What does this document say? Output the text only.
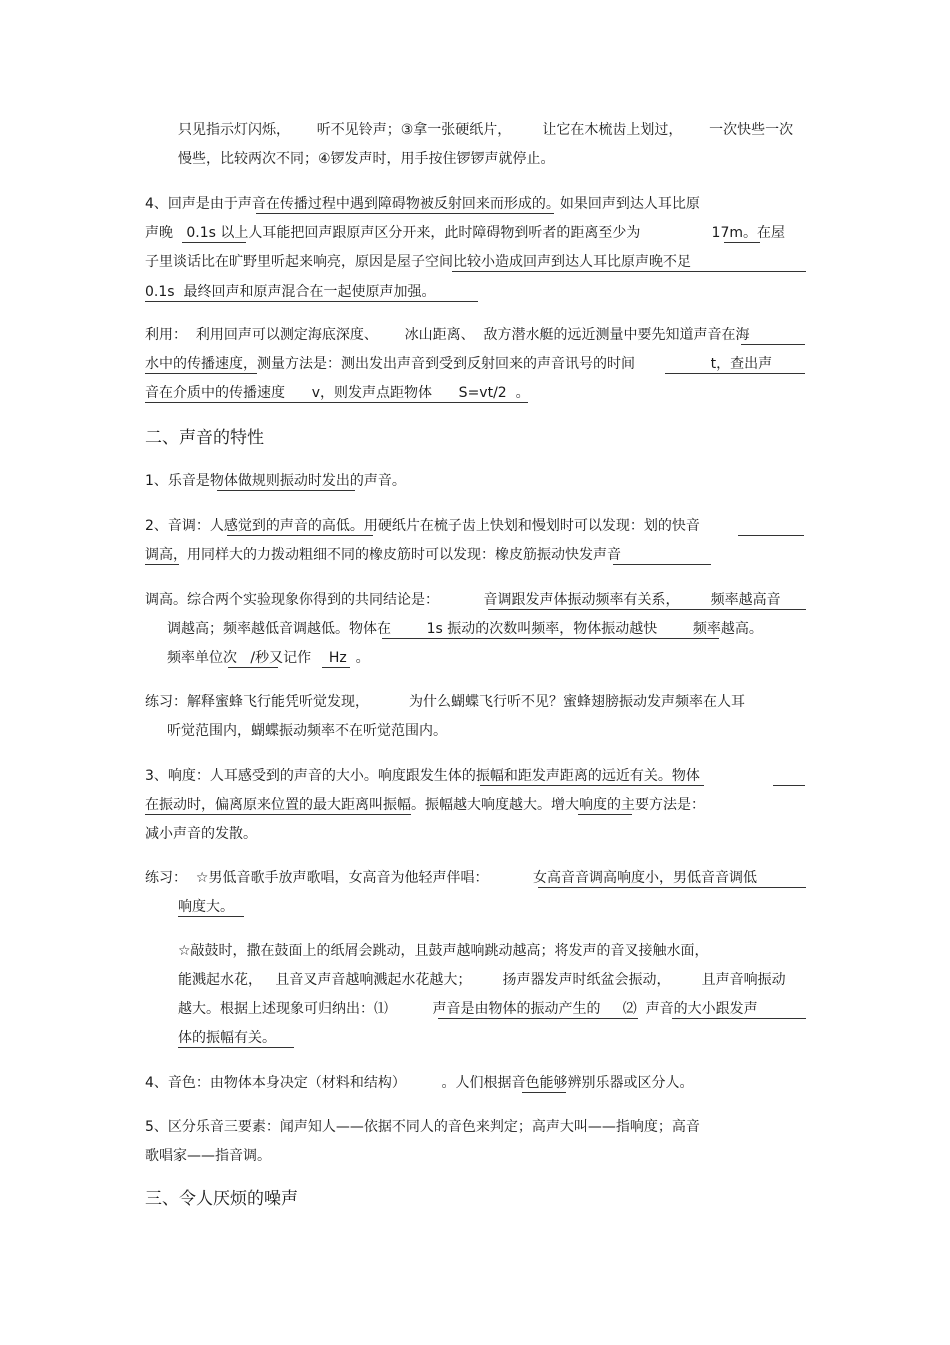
只见指示灯闪烁，      听不见铃声；③拿一张硬纸片，       让它在木梳齿上划过，      一次快些一次
慢些，比较两次不同；④锣发声时，用手按住锣锣声就停止。
4、回声是由于声音在传播过程中遇到障碍物被反射回来而形成的。如果回声到达人耳比原
声晚   0.1s 以上人耳能把回声跟原声区分开来，此时障碍物到听者的距离至少为                17m。在屋
子里谈话比在旷野里听起来响亮，原因是屋子空间比较小造成回声到达人耳比原声晚不足
0.1s  最终回声和原声混合在一起使原声加强。
利用：  利用回声可以测定海底深度、      冰山距离、  敌方潜水艇的远近测量中要先知道声音在海
水中的传播速度，测量方法是：测出发出声音到受到反射回来的声音讯号的时间                 t，查出声
音在介质中的传播速度      v，则发声点距物体      S=vt/2  。
二、声音的特性
1、乐音是物体做规则振动时发出的声音。
2、音调：人感觉到的声音的高低。用硬纸片在梳子齿上快划和慢划时可以发现：划的快音
调高，用同样大的力拨动粗细不同的橡皮筋时可以发现：橡皮筋振动快发声音
调高。综合两个实验现象你得到的共同结论是：          音调跟发声体振动频率有关系，       频率越高音
调越高；频率越低音调越低。物体在        1s 振动的次数叫频率，物体振动越快        频率越高。
频率单位次   /秒又记作    Hz  。
练习：解释蜜蜂飞行能凭听觉发现，         为什么蝴蝶飞行听不见？蜜蜂翅膀振动发声频率在人耳
听觉范围内，蝴蝶振动频率不在听觉范围内。
3、响度：人耳感受到的声音的大小。响度跟发生体的振幅和距发声距离的远近有关。物体
在振动时，偏离原来位置的最大距离叫振幅。振幅越大响度越大。增大响度的主要方法是：
减小声音的发散。
练习：  ☆男低音歌手放声歌唱，女高音为他轻声伴唱：          女高音音调高响度小，男低音音调低
响度大。
☆敲鼓时，撒在鼓面上的纸屑会跳动，且鼓声越响跳动越高；将发声的音叉接触水面，
能溅起水花，   且音叉声音越响溅起水花越大；       扬声器发声时纸盆会振动，       且声音响振动
越大。根据上述现象可归纳出：⑴          声音是由物体的振动产生的     ⑵  声音的大小跟发声
体的振幅有关。
4、音色：由物体本身决定（材料和结构）        。人们根据音色能够辨别乐器或区分人。
5、区分乐音三要素：闻声知人——依据不同人的音色来判定；高声大叫——指响度；高音
歌唱家——指音调。
三、令人厌烦的噪声
